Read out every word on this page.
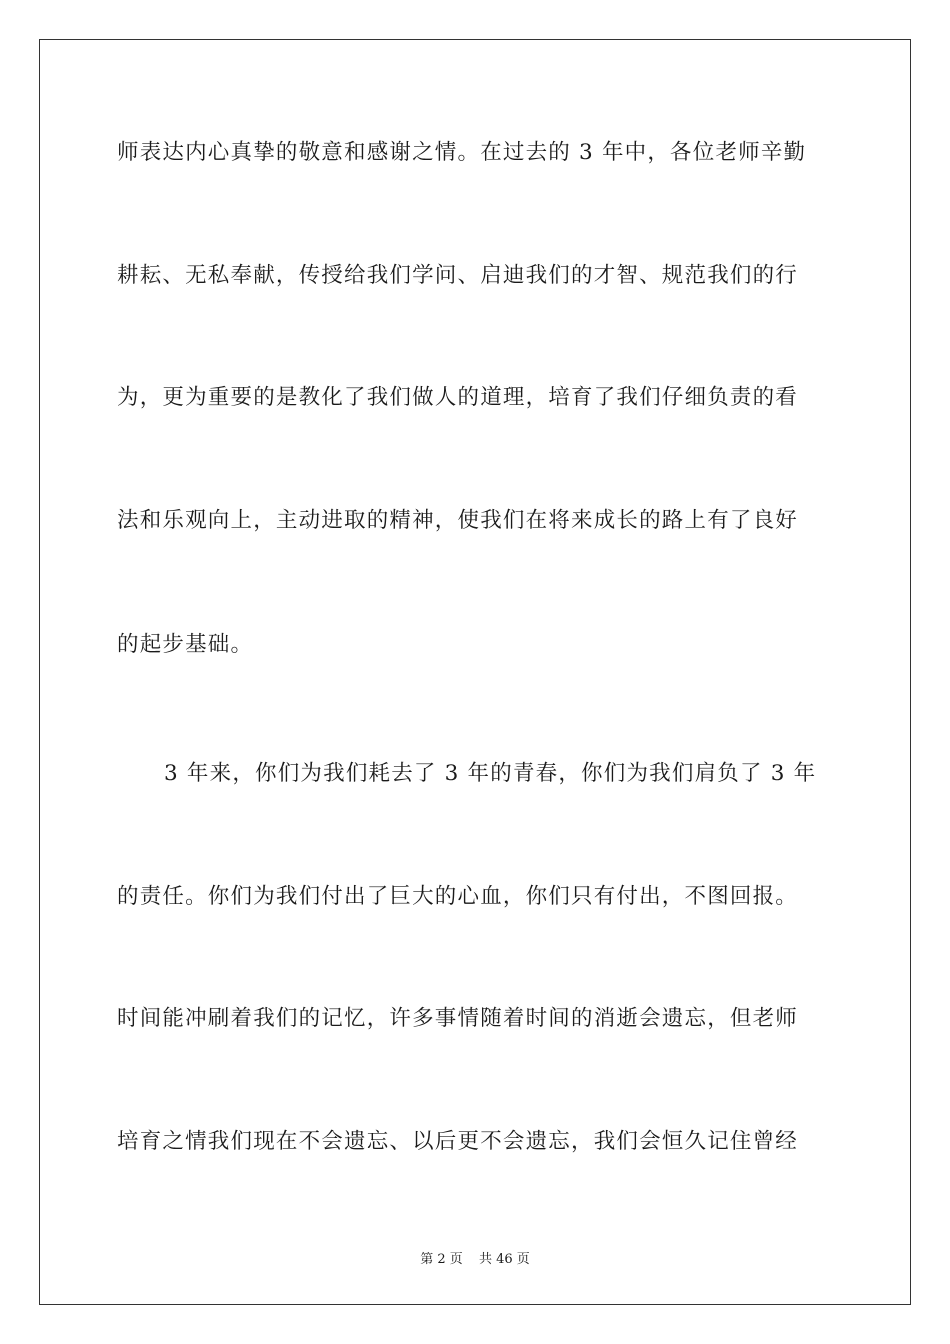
师表达内心真挚的敬意和感谢之情。在过去的 3 年中，各位老师辛勤
耕耘、无私奉献，传授给我们学问、启迪我们的才智、规范我们的行
为，更为重要的是教化了我们做人的道理，培育了我们仔细负责的看
法和乐观向上，主动进取的精神，使我们在将来成长的路上有了良好
的起步基础。
3 年来，你们为我们耗去了 3 年的青春，你们为我们肩负了 3 年
的责任。你们为我们付出了巨大的心血，你们只有付出，不图回报。
时间能冲刷着我们的记忆，许多事情随着时间的消逝会遗忘，但老师
培育之情我们现在不会遗忘、以后更不会遗忘，我们会恒久记住曾经
第 2 页 共 46 页
